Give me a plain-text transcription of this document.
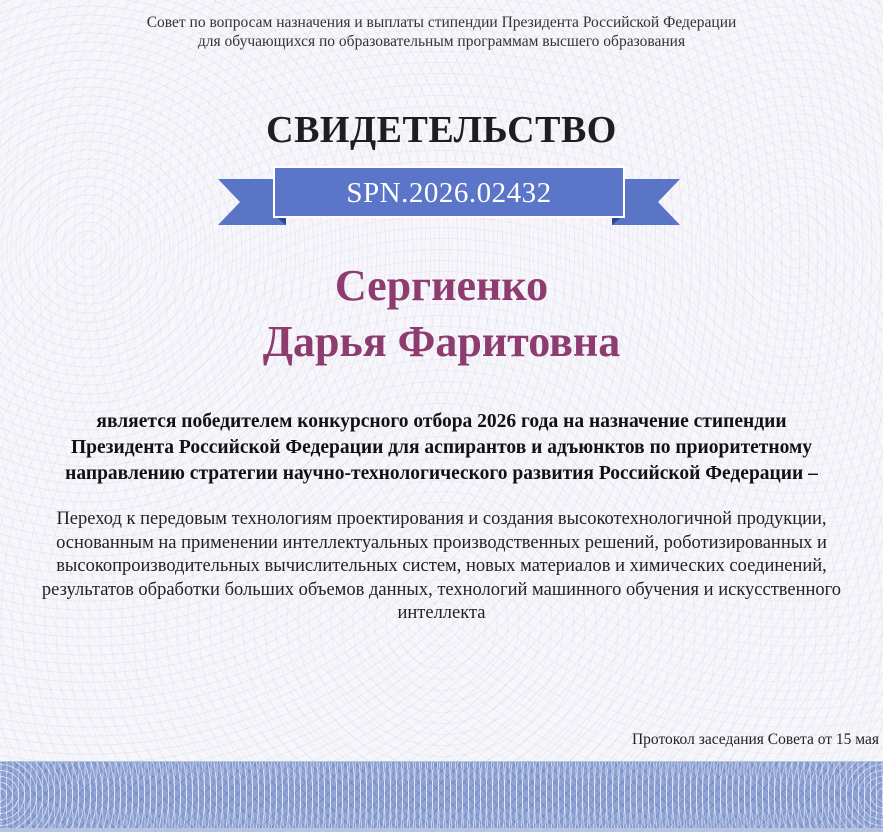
Совет по вопросам назначения и выплаты стипендии Президента Российской Федерации
для обучающихся по образовательным программам высшего образования
СВИДЕТЕЛЬСТВО
SPN.2026.02432
Сергиенко
Дарья Фаритовна
является победителем конкурсного отбора 2026 года на назначение стипендии
Президента Российской Федерации для аспирантов и адъюнктов по приоритетному
направлению стратегии научно-технологического развития Российской Федерации –
Переход к передовым технологиям проектирования и создания высокотехнологичной продукции,
основанным на применении интеллектуальных производственных решений, роботизированных и
высокопроизводительных вычислительных систем, новых материалов и химических соединений,
результатов обработки больших объемов данных, технологий машинного обучения и искусственного
интеллекта
Протокол заседания Совета от 15 мая
